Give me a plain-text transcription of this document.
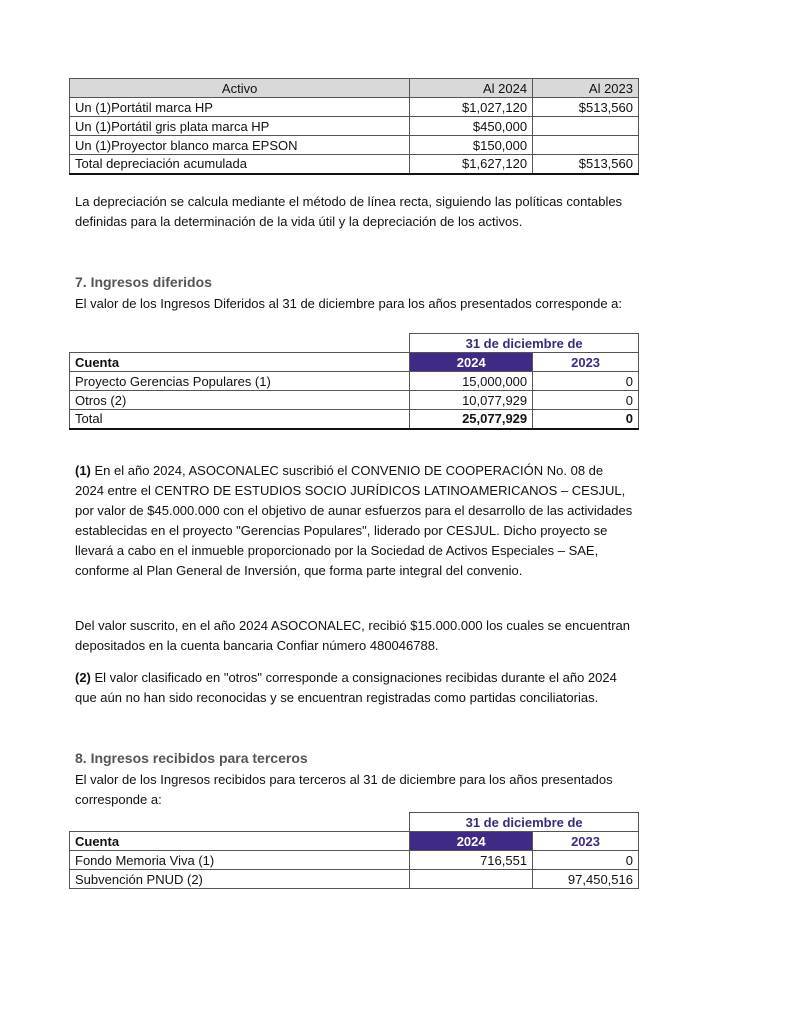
Activo	Al 2024	Al 2023
Un (1)Portátil marca HP	$1,027,120	$513,560
Un (1)Portátil gris plata marca HP	$450,000	
Un (1)Proyector blanco marca EPSON	$150,000	
Total depreciación acumulada	$1,627,120	$513,560

La depreciación se calcula mediante el método de línea recta, siguiendo las políticas contables definidas para la determinación de la vida útil y la depreciación de los activos.

7. Ingresos diferidos

El valor de los Ingresos Diferidos al 31 de diciembre para los años presentados corresponde a:

	31 de diciembre de	
Cuenta	2024	2023
Proyecto Gerencias Populares (1)	15,000,000	0
Otros (2)	10,077,929	0
Total	25,077,929	0

(1) En el año 2024, ASOCONALEC suscribió el CONVENIO DE COOPERACIÓN No. 08 de 2024 entre el CENTRO DE ESTUDIOS SOCIO JURÍDICOS LATINOAMERICANOS – CESJUL, por valor de $45.000.000 con el objetivo de aunar esfuerzos para el desarrollo de las actividades establecidas en el proyecto "Gerencias Populares", liderado por CESJUL. Dicho proyecto se llevará a cabo en el inmueble proporcionado por la Sociedad de Activos Especiales – SAE, conforme al Plan General de Inversión, que forma parte integral del convenio.

Del valor suscrito, en el año 2024 ASOCONALEC, recibió $15.000.000 los cuales se encuentran depositados en la cuenta bancaria Confiar número 480046788.

(2) El valor clasificado en "otros" corresponde a consignaciones recibidas durante el año 2024 que aún no han sido reconocidas y se encuentran registradas como partidas conciliatorias.

8. Ingresos recibidos para terceros

El valor de los Ingresos recibidos para terceros al 31 de diciembre para los años presentados corresponde a:

	31 de diciembre de	
Cuenta	2024	2023
Fondo Memoria Viva (1)	716,551	0
Subvención PNUD (2)		97,450,516
